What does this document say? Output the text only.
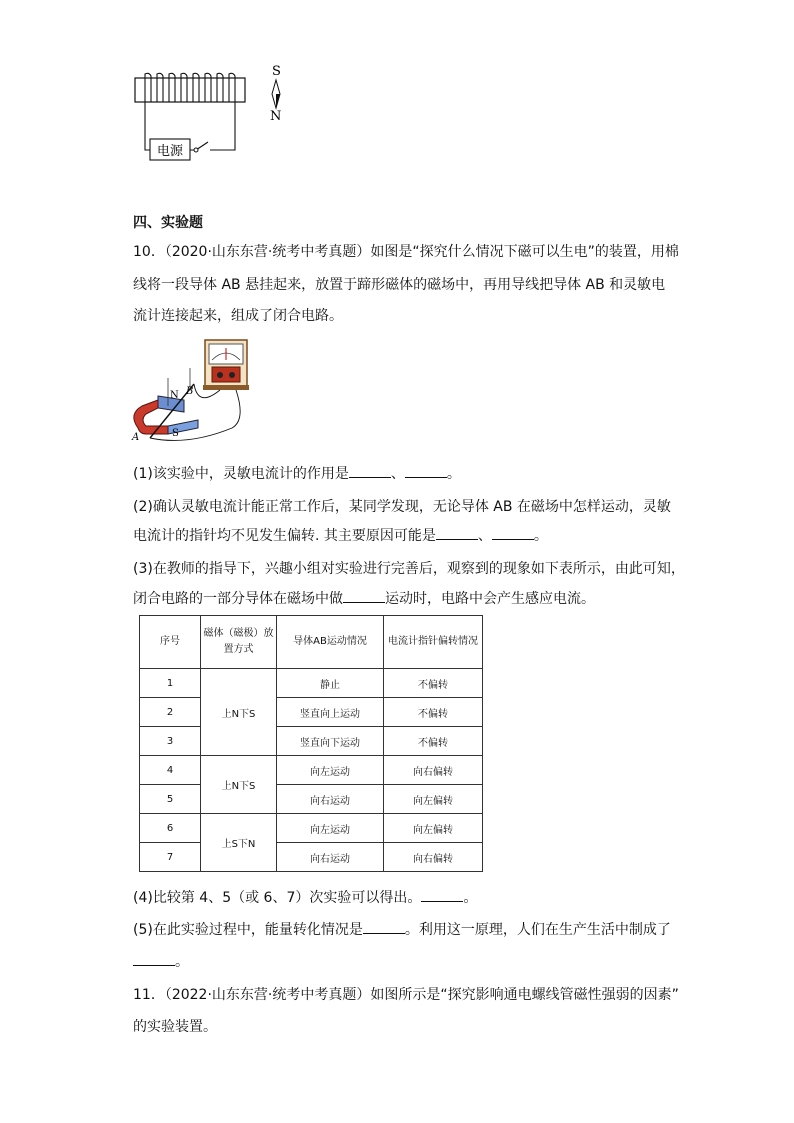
电源
S
N
四、实验题
10．（2020·山东东营·统考中考真题）如图是“探究什么情况下磁可以生电”的装置，用棉
线将一段导体 AB 悬挂起来，放置于蹄形磁体的磁场中，再用导线把导体 AB 和灵敏电
流计连接起来，组成了闭合电路。
N
S
A
B
(1)该实验中，灵敏电流计的作用是	、	。
(2)确认灵敏电流计能正常工作后，某同学发现，无论导体 AB 在磁场中怎样运动，灵敏
电流计的指针均不见发生偏转. 其主要原因可能是	、	。
(3)在教师的指导下，兴趣小组对实验进行完善后，观察到的现象如下表所示，由此可知，
闭合电路的一部分导体在磁场中做	运动时，电路中会产生感应电流。
序号	磁体（磁极）放置方式	导体AB运动情况	电流计指针偏转情况
1	上N下S	静止	不偏转
2		竖直向上运动	不偏转
3		竖直向下运动	不偏转
4	上N下S	向左运动	向右偏转
5		向右运动	向左偏转
6	上S下N	向左运动	向左偏转
7		向右运动	向右偏转
(4)比较第 4、5（或 6、7）次实验可以得出。	。
(5)在此实验过程中，能量转化情况是	。利用这一原理，人们在生产生活中制成了
。
11．（2022·山东东营·统考中考真题）如图所示是“探究影响通电螺线管磁性强弱的因素”
的实验装置。
